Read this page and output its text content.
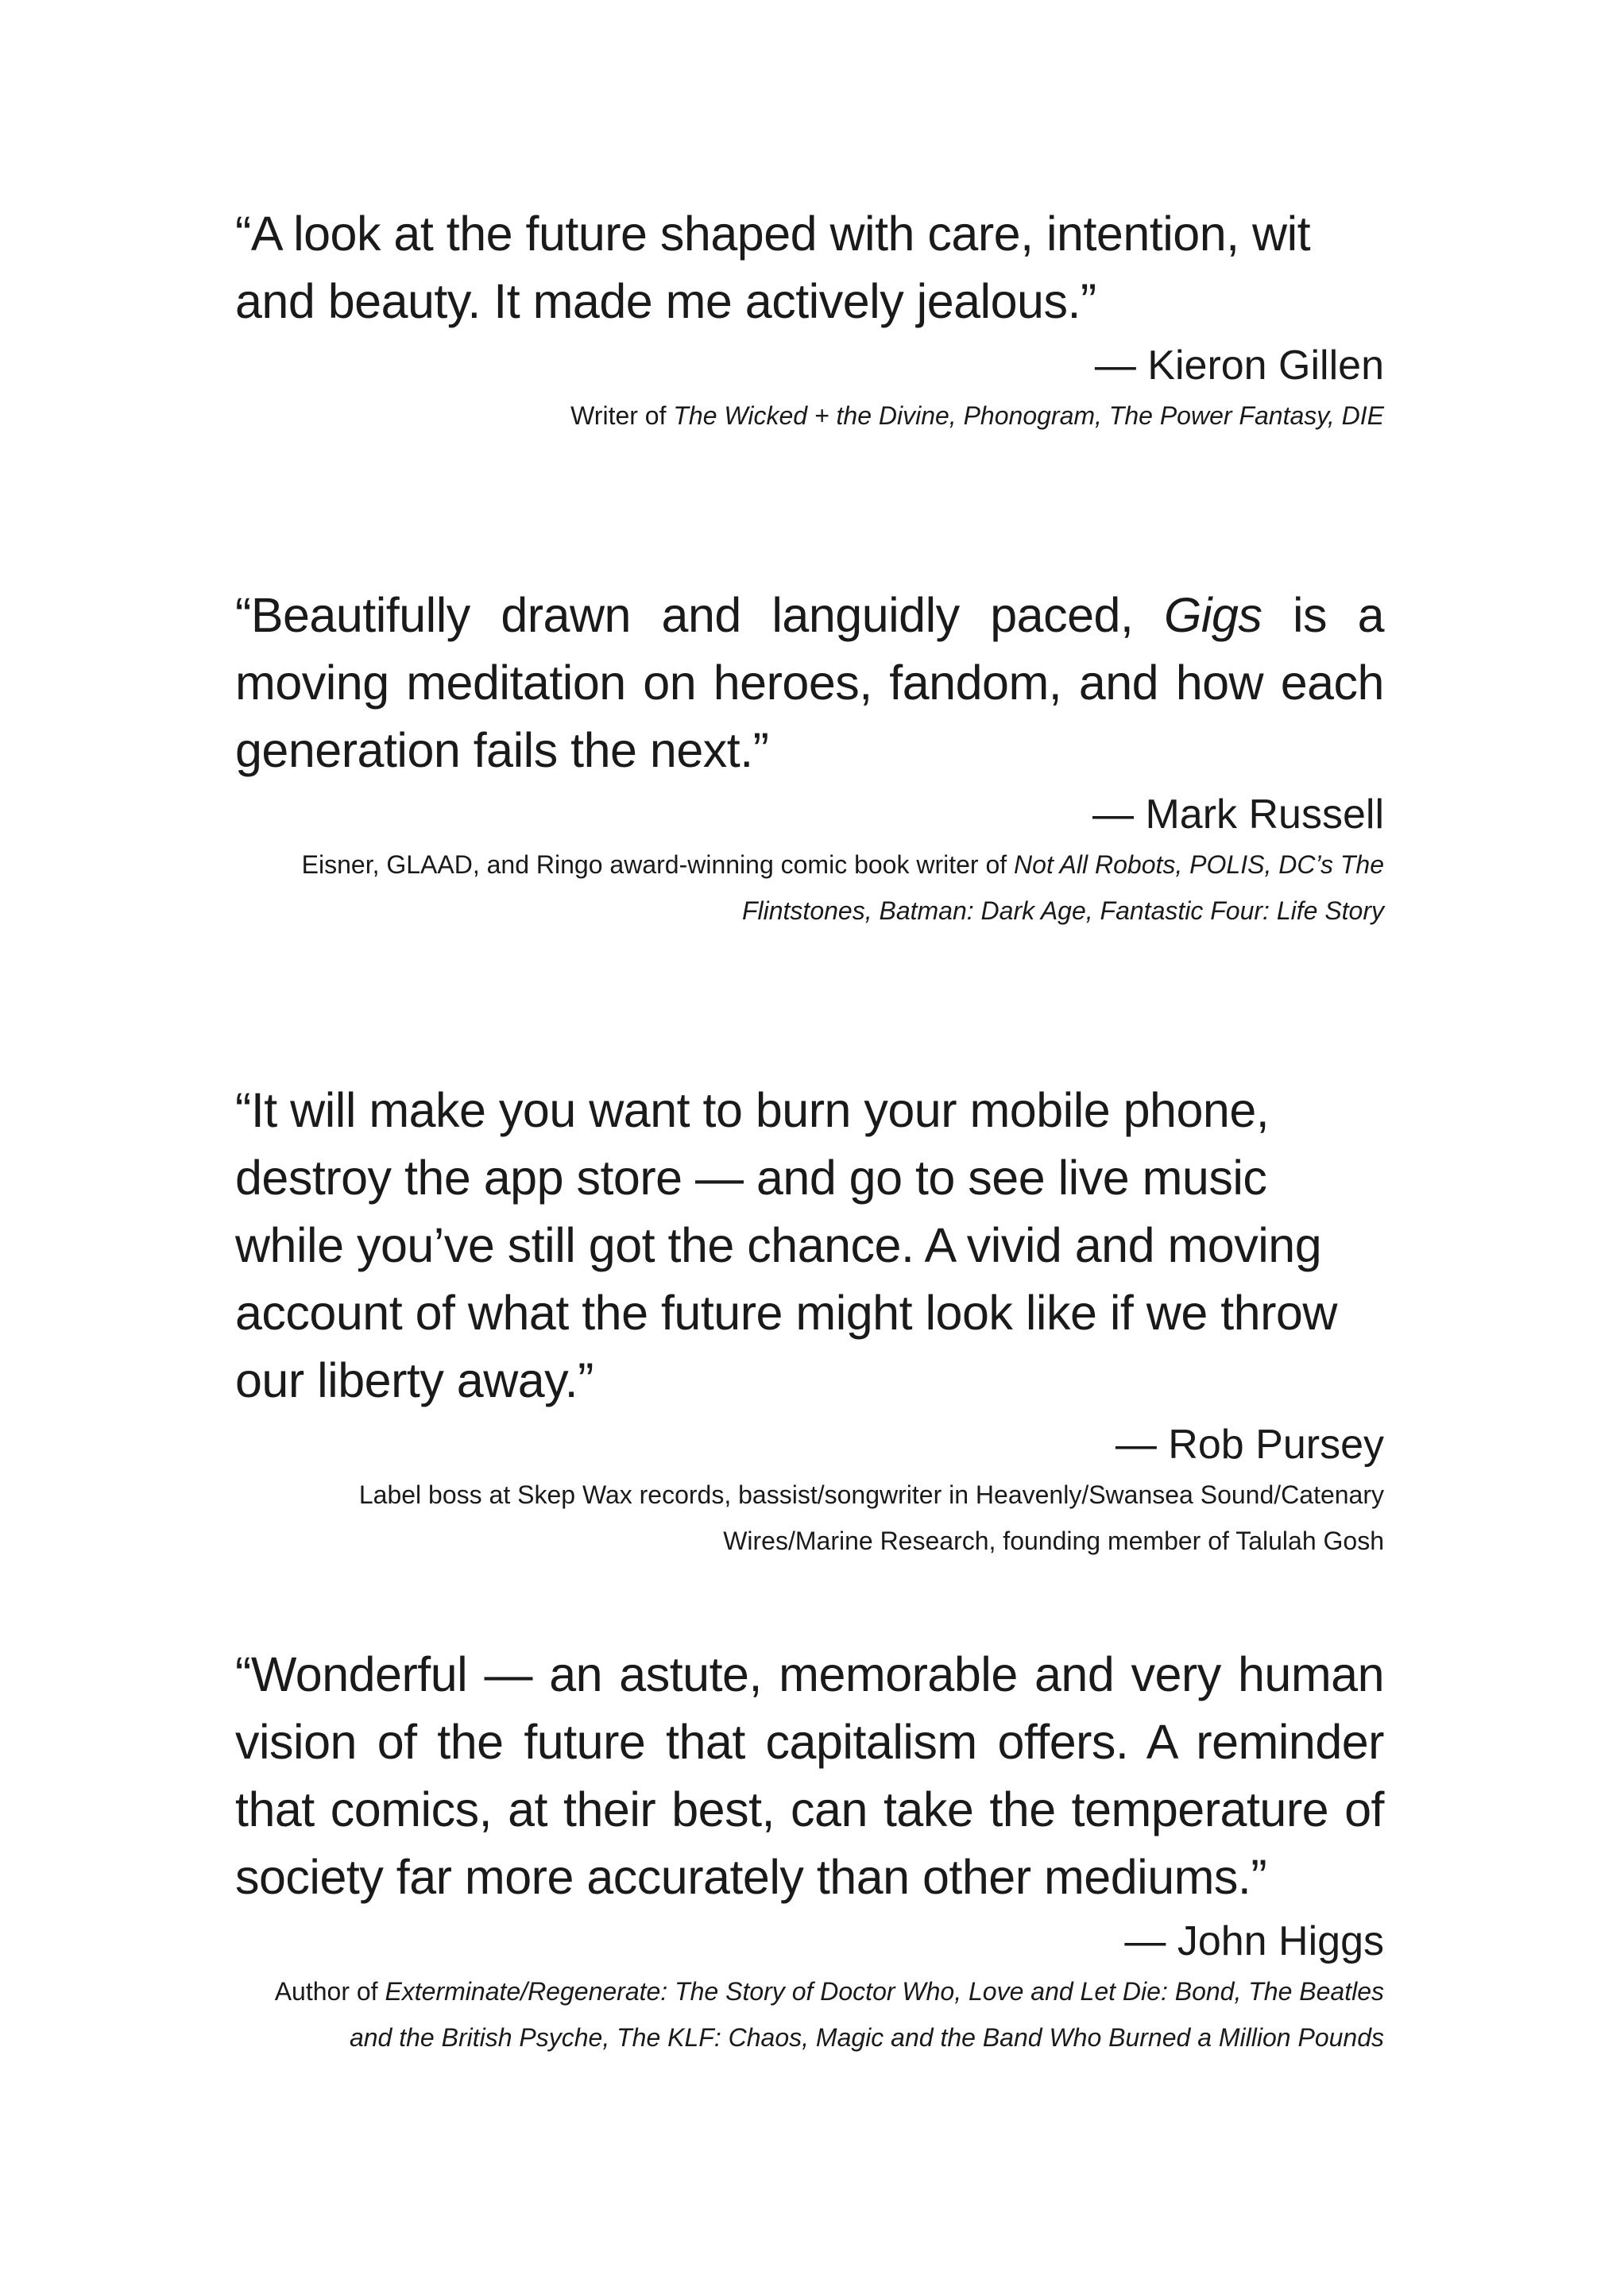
“A look at the future shaped with care, intention, wit and beauty. It made me actively jealous.”

— Kieron Gillen
Writer of The Wicked + the Divine, Phonogram, The Power Fantasy, DIE

“Beautifully drawn and languidly paced, Gigs is a moving meditation on heroes, fandom, and how each generation fails the next.”

— Mark Russell
Eisner, GLAAD, and Ringo award-winning comic book writer of Not All Robots, POLIS, DC’s The Flintstones, Batman: Dark Age, Fantastic Four: Life Story

“It will make you want to burn your mobile phone, destroy the app store — and go to see live music while you’ve still got the chance. A vivid and moving account of what the future might look like if we throw our liberty away.”

— Rob Pursey
Label boss at Skep Wax records, bassist/songwriter in Heavenly/Swansea Sound/Catenary Wires/Marine Research, founding member of Talulah Gosh

“Wonderful — an astute, memorable and very human vision of the future that capitalism offers. A reminder that comics, at their best, can take the temperature of society far more accurately than other mediums.”

— John Higgs
Author of Exterminate/Regenerate: The Story of Doctor Who, Love and Let Die: Bond, The Beatles and the British Psyche, The KLF: Chaos, Magic and the Band Who Burned a Million Pounds
